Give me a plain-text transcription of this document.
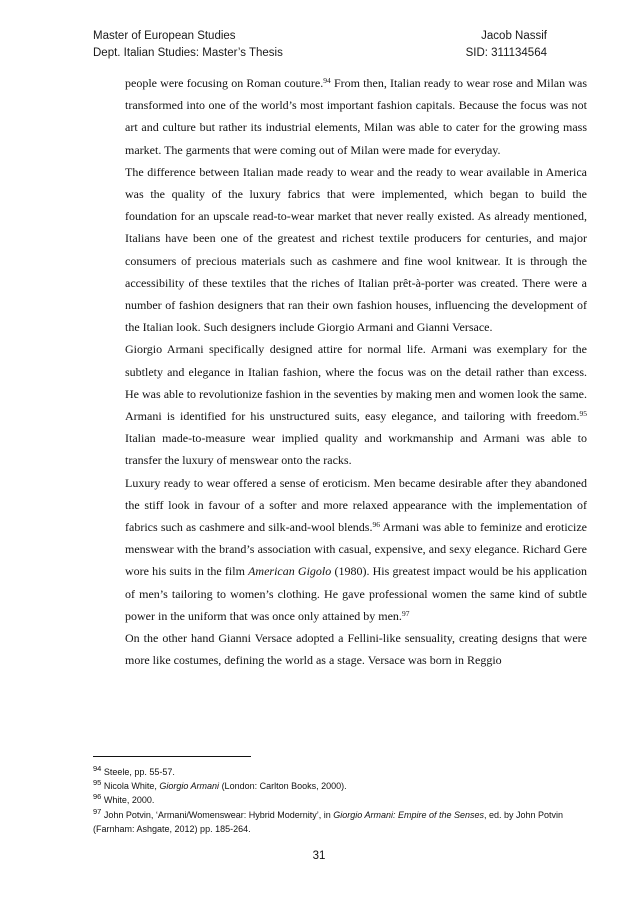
Master of European Studies	Jacob Nassif
Dept. Italian Studies: Master’s Thesis	SID: 311134564

people were focusing on Roman couture.$^{94}$ From then, Italian ready to wear rose and Milan was transformed into one of the world’s most important fashion capitals. Because the focus was not art and culture but rather its industrial elements, Milan was able to cater for the growing mass market. The garments that were coming out of Milan were made for everyday.

The difference between Italian made ready to wear and the ready to wear available in America was the quality of the luxury fabrics that were implemented, which began to build the foundation for an upscale read-to-wear market that never really existed. As already mentioned, Italians have been one of the greatest and richest textile producers for centuries, and major consumers of precious materials such as cashmere and fine wool knitwear. It is through the accessibility of these textiles that the riches of Italian prêt-à-porter was created. There were a number of fashion designers that ran their own fashion houses, influencing the development of the Italian look. Such designers include Giorgio Armani and Gianni Versace.

Giorgio Armani specifically designed attire for normal life. Armani was exemplary for the subtlety and elegance in Italian fashion, where the focus was on the detail rather than excess. He was able to revolutionize fashion in the seventies by making men and women look the same. Armani is identified for his unstructured suits, easy elegance, and tailoring with freedom.$^{95}$ Italian made-to-measure wear implied quality and workmanship and Armani was able to transfer the luxury of menswear onto the racks.

Luxury ready to wear offered a sense of eroticism. Men became desirable after they abandoned the stiff look in favour of a softer and more relaxed appearance with the implementation of fabrics such as cashmere and silk-and-wool blends.$^{96}$ Armani was able to feminize and eroticize menswear with the brand’s association with casual, expensive, and sexy elegance. Richard Gere wore his suits in the film American Gigolo (1980). His greatest impact would be his application of men’s tailoring to women’s clothing. He gave professional women the same kind of subtle power in the uniform that was once only attained by men.$^{97}$

On the other hand Gianni Versace adopted a Fellini-like sensuality, creating designs that were more like costumes, defining the world as a stage. Versace was born in Reggio

$^{94}$ Steele, pp. 55-57.

$^{95}$ Nicola White, Giorgio Armani (London: Carlton Books, 2000).

$^{96}$ White, 2000.

$^{97}$ John Potvin, ‘Armani/Womenswear: Hybrid Modernity’, in Giorgio Armani: Empire of the Senses, ed. by John Potvin (Farnham: Ashgate, 2012) pp. 185-264.

31
